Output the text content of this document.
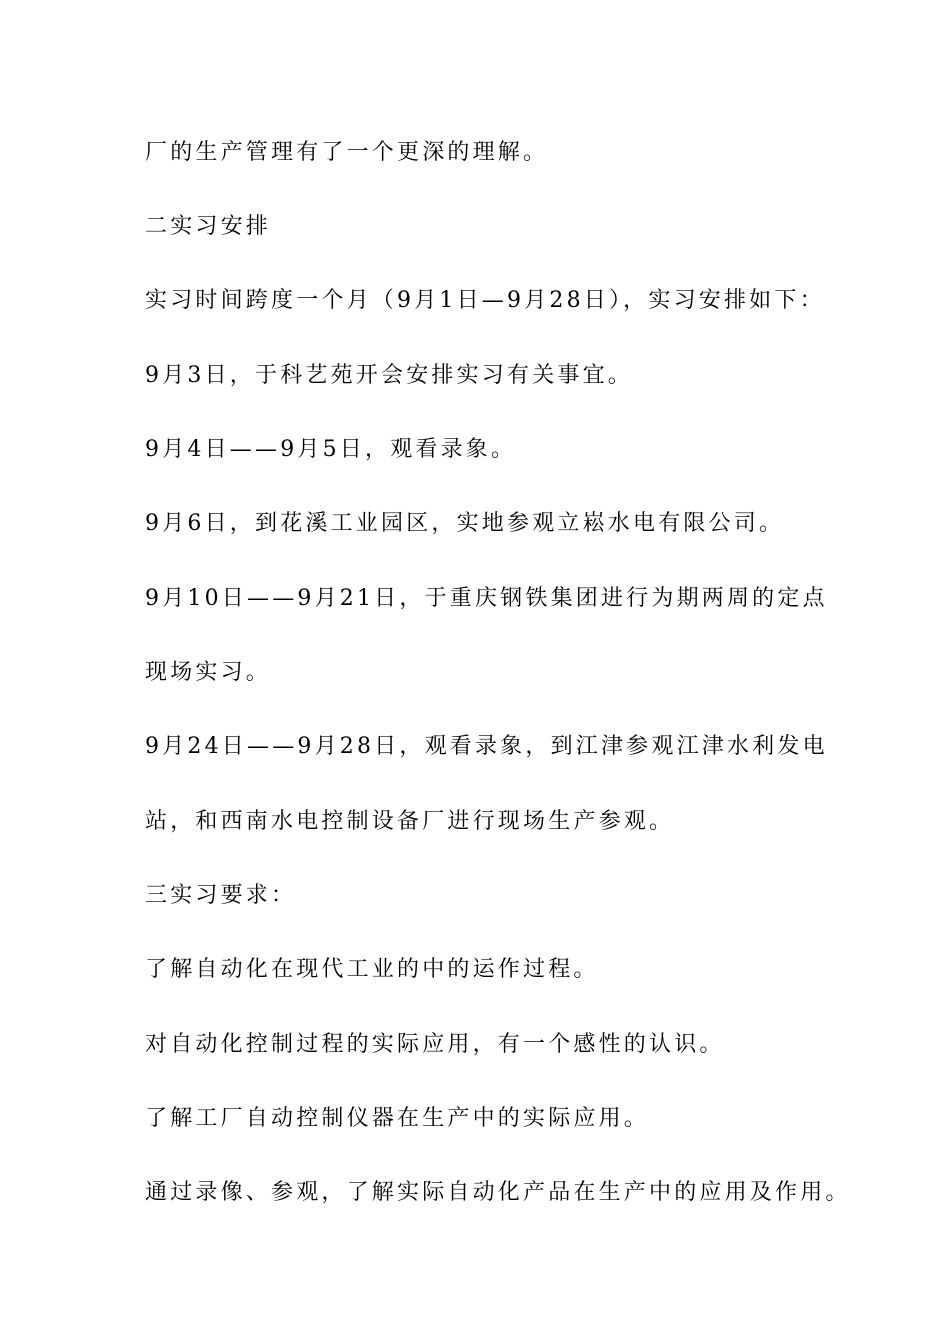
厂的生产管理有了一个更深的理解。
二实习安排
实习时间跨度一个月（9月1日—9月28日），实习安排如下：
9月3日，于科艺苑开会安排实习有关事宜。
9月4日——9月5日，观看录象。
9月6日，到花溪工业园区，实地参观立崧水电有限公司。
9月10日——9月21日，于重庆钢铁集团进行为期两周的定点
现场实习。
9月24日——9月28日，观看录象，到江津参观江津水利发电
站，和西南水电控制设备厂进行现场生产参观。
三实习要求：
了解自动化在现代工业的中的运作过程。
对自动化控制过程的实际应用，有一个感性的认识。
了解工厂自动控制仪器在生产中的实际应用。
通过录像、参观，了解实际自动化产品在生产中的应用及作用。
